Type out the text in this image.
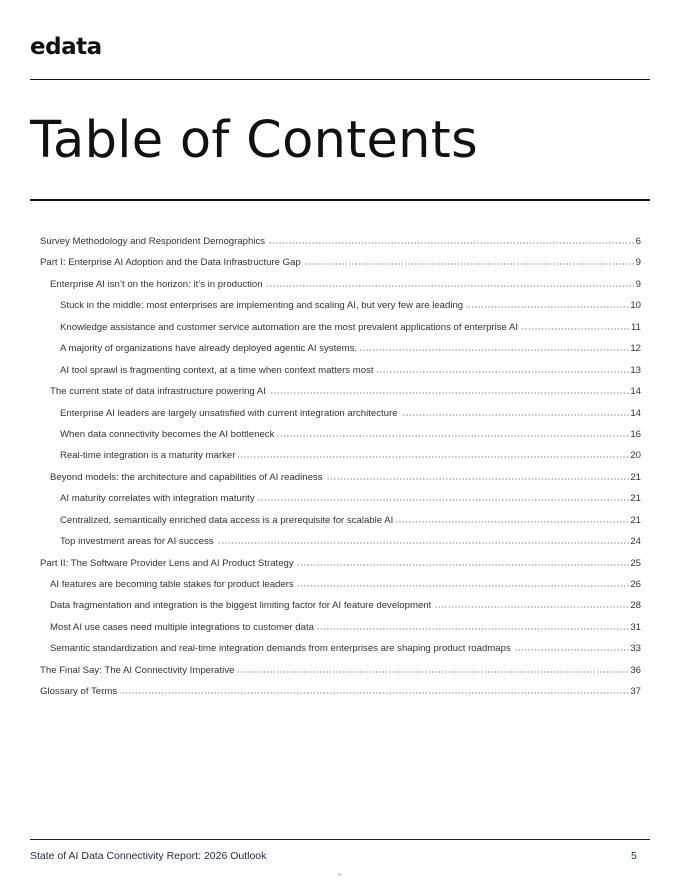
edata
Table of Contents
Survey Methodology and Respondent Demographics	6
Part I: Enterprise AI Adoption and the Data Infrastructure Gap	9
Enterprise AI isn’t on the horizon: it’s in production	9
Stuck in the middle: most enterprises are implementing and scaling AI, but very few are leading	10
Knowledge assistance and customer service automation are the most prevalent applications of enterprise AI	11
A majority of organizations have already deployed agentic AI systems.	12
AI tool sprawl is fragmenting context, at a time when context matters most	13
The current state of data infrastructure powering AI	14
Enterprise AI leaders are largely unsatisfied with current integration architecture	14
When data connectivity becomes the AI bottleneck	16
Real-time integration is a maturity marker	20
Beyond models: the architecture and capabilities of AI readiness	21
AI maturity correlates with integration maturity	21
Centralized, semantically enriched data access is a prerequisite for scalable AI	21
Top investment areas for AI success	24
Part II: The Software Provider Lens and AI Product Strategy	25
AI features are becoming table stakes for product leaders	26
Data fragmentation and integration is the biggest limiting factor for AI feature development	28
Most AI use cases need multiple integrations to customer data	31
Semantic standardization and real-time integration demands from enterprises are shaping product roadmaps	33
The Final Say: The AI Connectivity Imperative	36
Glossary of Terms	37
State of AI Data Connectivity Report: 2026 Outlook	5
